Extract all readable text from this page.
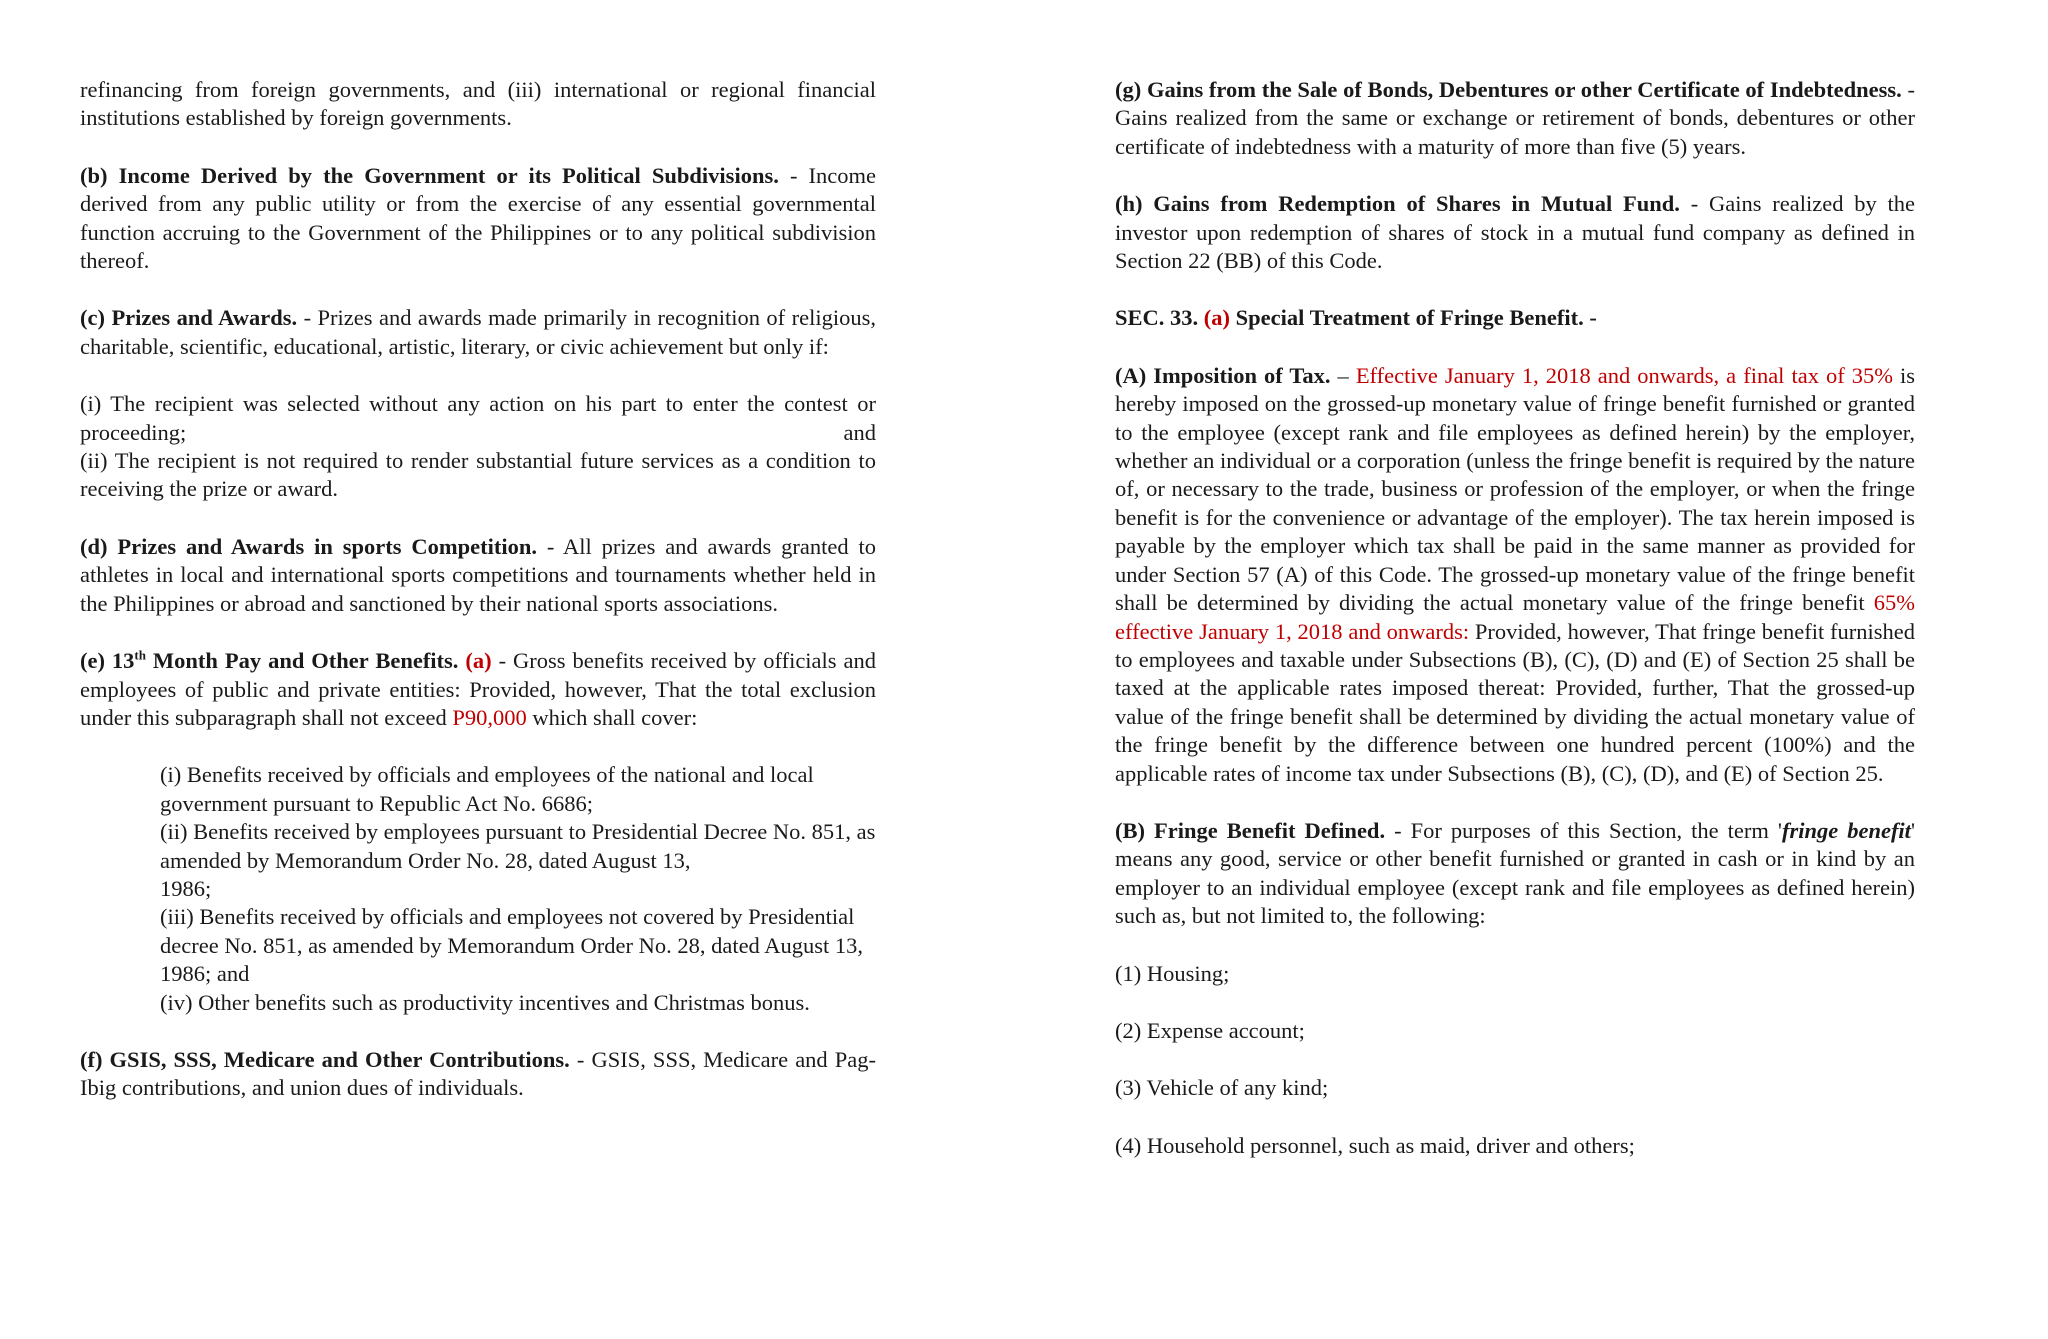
refinancing from foreign governments, and (iii) international or regional financial institutions established by foreign governments.

(b) Income Derived by the Government or its Political Subdivisions. - Income derived from any public utility or from the exercise of any essential governmental function accruing to the Government of the Philippines or to any political subdivision thereof.

(c) Prizes and Awards. - Prizes and awards made primarily in recognition of religious, charitable, scientific, educational, artistic, literary, or civic achievement but only if:

(i) The recipient was selected without any action on his part to enter the contest or proceeding; and
(ii) The recipient is not required to render substantial future services as a condition to receiving the prize or award.

(d) Prizes and Awards in sports Competition. - All prizes and awards granted to athletes in local and international sports competitions and tournaments whether held in the Philippines or abroad and sanctioned by their national sports associations.

(e) 13th Month Pay and Other Benefits. (a) - Gross benefits received by officials and employees of public and private entities: Provided, however, That the total exclusion under this subparagraph shall not exceed P90,000 which shall cover:

(i) Benefits received by officials and employees of the national and local government pursuant to Republic Act No. 6686;
(ii) Benefits received by employees pursuant to Presidential Decree No. 851, as amended by Memorandum Order No. 28, dated August 13,
1986;
(iii) Benefits received by officials and employees not covered by Presidential decree No. 851, as amended by Memorandum Order No. 28, dated August 13, 1986; and
(iv) Other benefits such as productivity incentives and Christmas bonus.

(f) GSIS, SSS, Medicare and Other Contributions. - GSIS, SSS, Medicare and Pag-Ibig contributions, and union dues of individuals.

(g) Gains from the Sale of Bonds, Debentures or other Certificate of Indebtedness. - Gains realized from the same or exchange or retirement of bonds, debentures or other certificate of indebtedness with a maturity of more than five (5) years.

(h) Gains from Redemption of Shares in Mutual Fund. - Gains realized by the investor upon redemption of shares of stock in a mutual fund company as defined in Section 22 (BB) of this Code.

SEC. 33. (a) Special Treatment of Fringe Benefit. -

(A) Imposition of Tax. – Effective January 1, 2018 and onwards, a final tax of 35% is hereby imposed on the grossed-up monetary value of fringe benefit furnished or granted to the employee (except rank and file employees as defined herein) by the employer, whether an individual or a corporation (unless the fringe benefit is required by the nature of, or necessary to the trade, business or profession of the employer, or when the fringe benefit is for the convenience or advantage of the employer). The tax herein imposed is payable by the employer which tax shall be paid in the same manner as provided for under Section 57 (A) of this Code. The grossed-up monetary value of the fringe benefit shall be determined by dividing the actual monetary value of the fringe benefit 65% effective January 1, 2018 and onwards: Provided, however, That fringe benefit furnished to employees and taxable under Subsections (B), (C), (D) and (E) of Section 25 shall be taxed at the applicable rates imposed thereat: Provided, further, That the grossed-up value of the fringe benefit shall be determined by dividing the actual monetary value of the fringe benefit by the difference between one hundred percent (100%) and the applicable rates of income tax under Subsections (B), (C), (D), and (E) of Section 25.

(B) Fringe Benefit Defined. - For purposes of this Section, the term 'fringe benefit' means any good, service or other benefit furnished or granted in cash or in kind by an employer to an individual employee (except rank and file employees as defined herein) such as, but not limited to, the following:

(1) Housing;

(2) Expense account;

(3) Vehicle of any kind;

(4) Household personnel, such as maid, driver and others;
